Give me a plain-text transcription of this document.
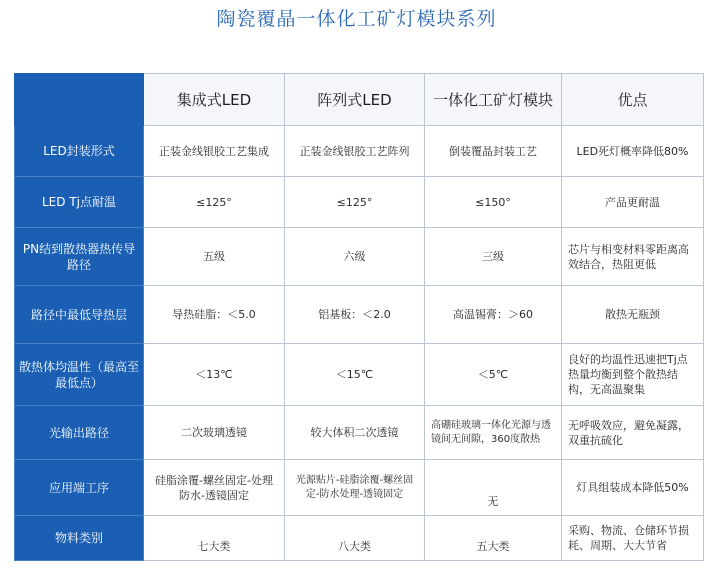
陶瓷覆晶一体化工矿灯模块系列
	集成式LED	阵列式LED	一体化工矿灯模块	优点
LED封装形式	正装金线银胶工艺集成	正装金线银胶工艺阵列	倒装覆晶封装工艺	LED死灯概率降低80%
LED Tj点耐温	≤125°	≤125°	≤150°	产品更耐温
PN结到散热器热传导路径	五级	六级	三级	芯片与相变材料零距离高效结合，热阻更低
路径中最低导热层	导热硅脂：＜5.0	铝基板：＜2.0	高温锡膏：＞60	散热无瓶颈
散热体均温性（最高至最低点）	＜13℃	＜15℃	＜5℃	良好的均温性迅速把Tj点热量均衡到整个散热结构，无高温聚集
光输出路径	二次玻璃透镜	较大体积二次透镜	高硼硅玻璃一体化光源与透镜间无间隙，360度散热	无呼吸效应，避免凝露，双重抗硫化
应用端工序	硅脂涂覆-螺丝固定-处理防水-透镜固定	光源贴片-硅脂涂覆-螺丝固定-防水处理-透镜固定	无	灯具组装成本降低50%
物料类别	七大类	八大类	五大类	采购、物流、仓储环节损耗、周期、大大节省
